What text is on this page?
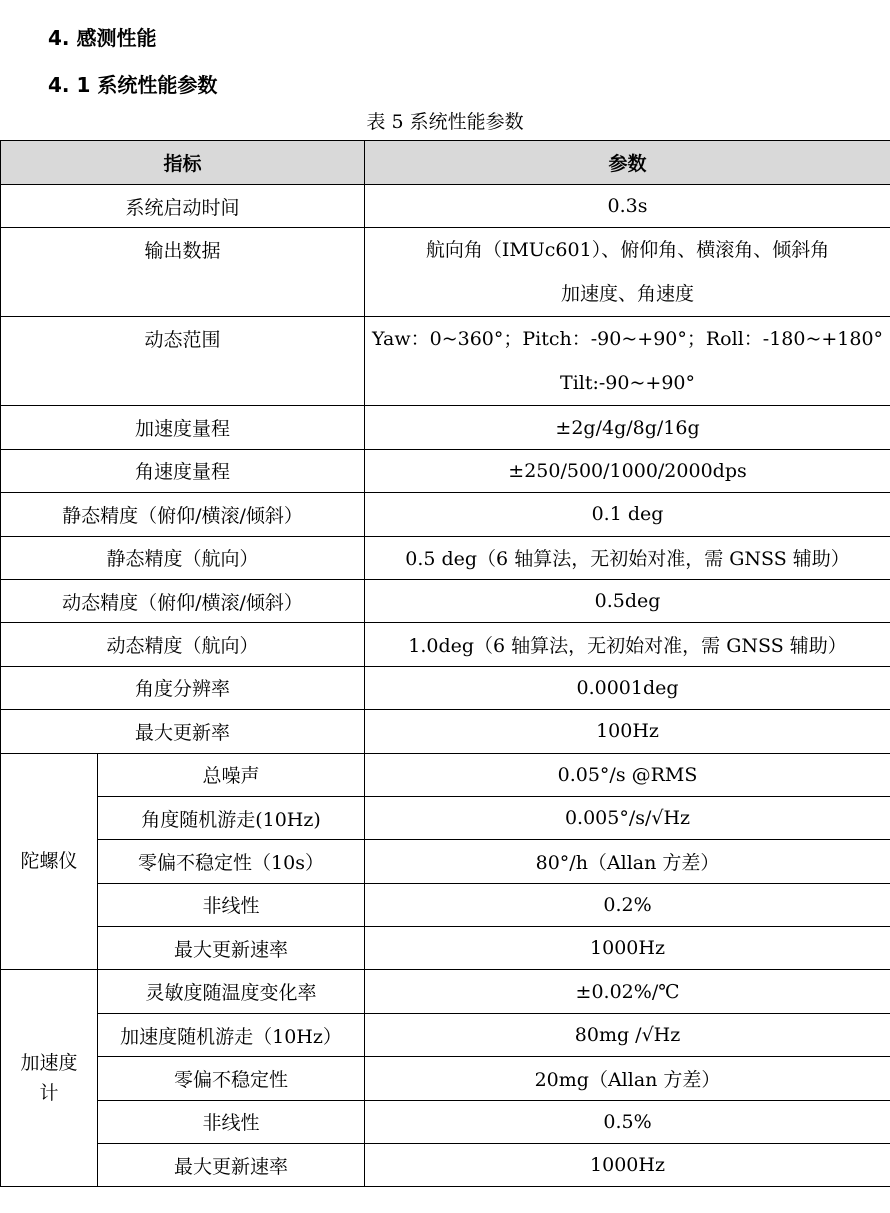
4. 感测性能
4. 1 系统性能参数
表 5 系统性能参数
指标		参数
系统启动时间		0.3s
输出数据		航向角（IMUc601）、俯仰角、横滚角、倾斜角
加速度、角速度

动态范围		Yaw：0~360°；Pitch：-90~+90°；Roll：-180~+180°
Tilt:-90~+90°

加速度量程		±2g/4g/8g/16g
角速度量程		±250/500/1000/2000dps
静态精度（俯仰/横滚/倾斜）		0.1 deg
静态精度（航向）		0.5 deg（6 轴算法，无初始对准，需 GNSS 辅助）
动态精度（俯仰/横滚/倾斜）		0.5deg
动态精度（航向）		1.0deg（6 轴算法，无初始对准，需 GNSS 辅助）
角度分辨率		0.0001deg
最大更新率		100Hz

陀螺仪	总噪声	0.05°/s @RMS
	角度随机游走(10Hz)	0.005°/s/√Hz
	零偏不稳定性（10s）	80°/h（Allan 方差）
	非线性	0.2%
	最大更新速率	1000Hz

加速度
计	灵敏度随温度变化率	±0.02%/℃
	加速度随机游走（10Hz）	80mg /√Hz
	零偏不稳定性	20mg（Allan 方差）
	非线性	0.5%
	最大更新速率	1000Hz
